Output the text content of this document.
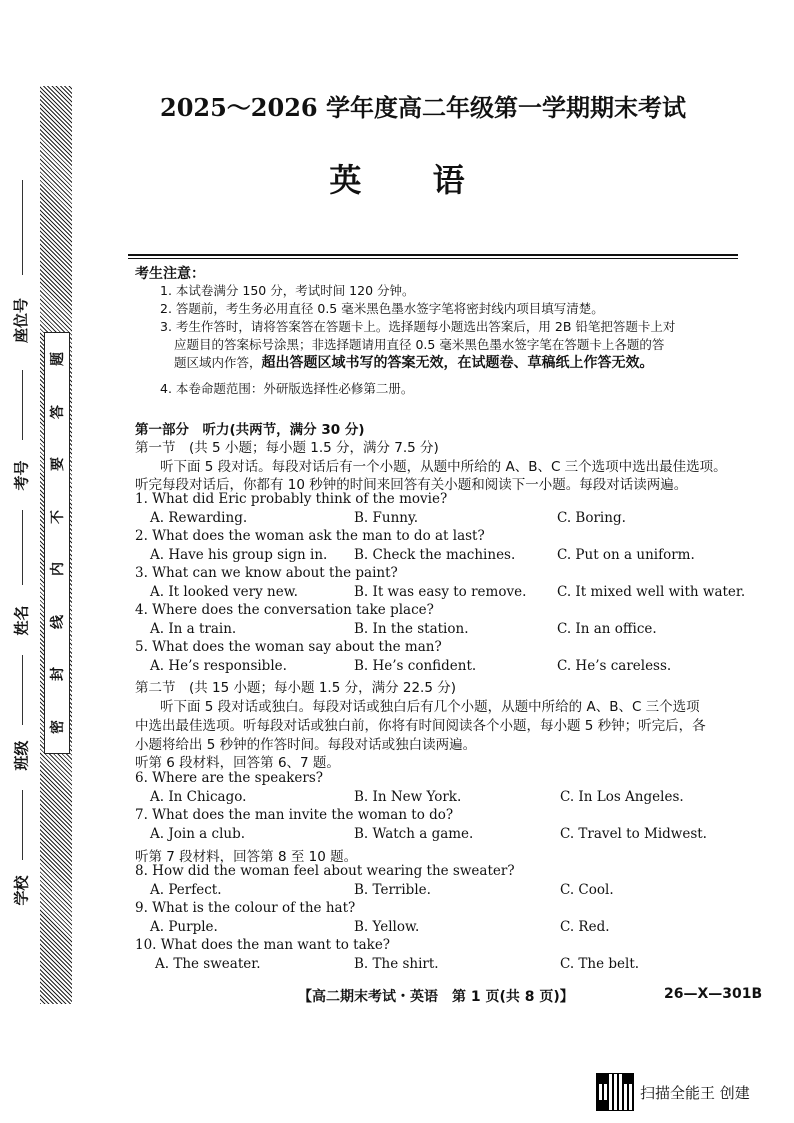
题
答
要
不
内
线
封
密
座位号
考号
姓名
班级
学校
2025～2026 学年度高二年级第一学期期末考试
英 语
考生注意：
1. 本试卷满分 150 分，考试时间 120 分钟。
2. 答题前，考生务必用直径 0.5 毫米黑色墨水签字笔将密封线内项目填写清楚。
3. 考生作答时，请将答案答在答题卡上。选择题每小题选出答案后，用 2B 铅笔把答题卡上对
应题目的答案标号涂黑；非选择题请用直径 0.5 毫米黑色墨水签字笔在答题卡上各题的答
题区域内作答，超出答题区域书写的答案无效，在试题卷、草稿纸上作答无效。
4. 本卷命题范围：外研版选择性必修第二册。
第一部分　听力(共两节，满分 30 分)
第一节　(共 5 小题；每小题 1.5 分，满分 7.5 分)
听下面 5 段对话。每段对话后有一个小题，从题中所给的 A、B、C 三个选项中选出最佳选项。
听完每段对话后，你都有 10 秒钟的时间来回答有关小题和阅读下一小题。每段对话读两遍。
1. What did Eric probably think of the movie?
A. Rewarding.	B. Funny.	C. Boring.
2. What does the woman ask the man to do at last?
A. Have his group sign in. B. Check the machines.	C. Put on a uniform.
3. What can we know about the paint?
A. It looked very new.	B. It was easy to remove. C. It mixed well with water.
4. Where does the conversation take place?
A. In a train.	B. In the station.	C. In an office.
5. What does the woman say about the man?
A. He’s responsible.	B. He’s confident.	C. He’s careless.
第二节　(共 15 小题；每小题 1.5 分，满分 22.5 分)
听下面 5 段对话或独白。每段对话或独白后有几个小题，从题中所给的 A、B、C 三个选项
中选出最佳选项。听每段对话或独白前，你将有时间阅读各个小题，每小题 5 秒钟；听完后，各
小题将给出 5 秒钟的作答时间。每段对话或独白读两遍。
听第 6 段材料，回答第 6、7 题。
6. Where are the speakers?
A. In Chicago.	B. In New York.	C. In Los Angeles.
7. What does the man invite the woman to do?
A. Join a club.	B. Watch a game.	C. Travel to Midwest.
听第 7 段材料，回答第 8 至 10 题。
8. How did the woman feel about wearing the sweater?
A. Perfect.	B. Terrible.	C. Cool.
9. What is the colour of the hat?
A. Purple.	B. Yellow.	C. Red.
10. What does the man want to take?
A. The sweater.	B. The shirt.	C. The belt.
【高二期末考试・英语　第 1 页(共 8 页)】	26—X—301B
扫描全能王 创建
